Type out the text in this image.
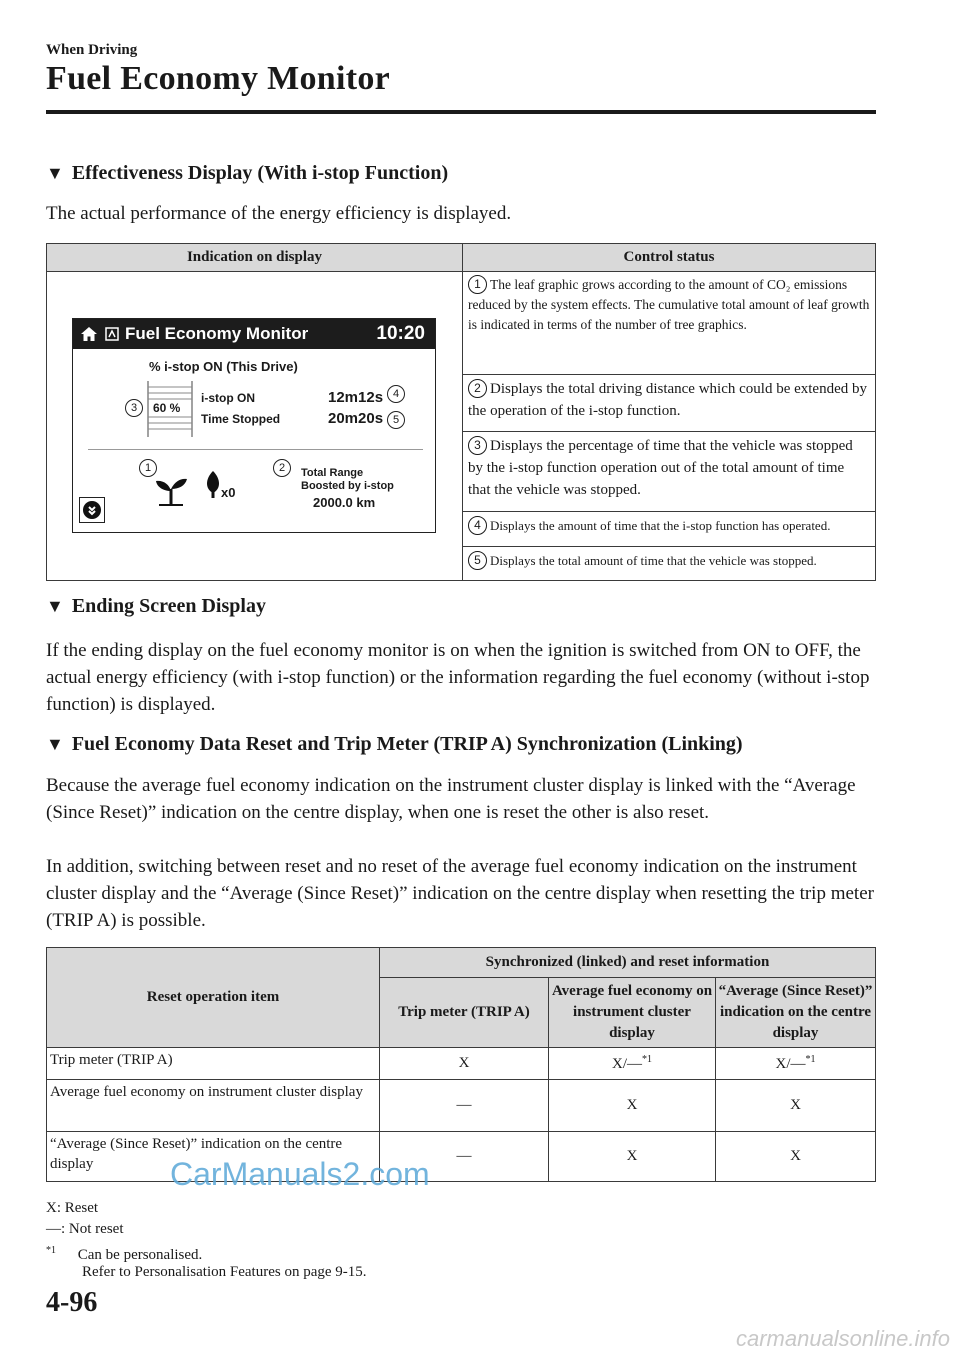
When Driving
Fuel Economy Monitor
▼ Effectiveness Display (With i-stop Function)
The actual performance of the energy efficiency is displayed.
Indication on display	Control status
	1 The leaf graphic grows according to the amount of CO₂ emissions reduced by the system effects. The cumulative total amount of leaf growth is indicated in terms of the number of tree graphics.
	2 Displays the total driving distance which could be extended by the operation of the i-stop function.
	3 Displays the percentage of time that the vehicle was stopped by the i-stop function operation out of the total amount of time that the vehicle was stopped.
	4 Displays the amount of time that the i-stop function has operated.
	5 Displays the total amount of time that the vehicle was stopped.
Fuel Economy Monitor	10:20
% i-stop ON (This Drive)
60 %
i-stop ON	12m12s
Time Stopped	20m20s
4
5
3
1	2
x0
Total Range
Boosted by i-stop
2000.0 km
▼ Ending Screen Display
If the ending display on the fuel economy monitor is on when the ignition is switched from ON to OFF, the actual energy efficiency (with i-stop function) or the information regarding the fuel economy (without i-stop function) is displayed.
▼ Fuel Economy Data Reset and Trip Meter (TRIP A) Synchronization (Linking)
Because the average fuel economy indication on the instrument cluster display is linked with the “Average (Since Reset)” indication on the centre display, when one is reset the other is also reset.
In addition, switching between reset and no reset of the average fuel economy indication on the instrument cluster display and the “Average (Since Reset)” indication on the centre display when resetting the trip meter (TRIP A) is possible.
Reset operation item	Synchronized (linked) and reset information		
	Trip meter (TRIP A)	Average fuel economy on instrument cluster display	“Average (Since Reset)” indication on the centre display
Trip meter (TRIP A)	X	X/—$^{*1}$	X/—$^{*1}$
Average fuel economy on instrument cluster display	—	X	X
“Average (Since Reset)” indication on the centre display	—	X	X
CarManuals2.com
X: Reset
—: Not reset
$^{*1}$ Can be personalised.
Refer to Personalisation Features on page 9-15.
4-96
carmanualsonline.info
